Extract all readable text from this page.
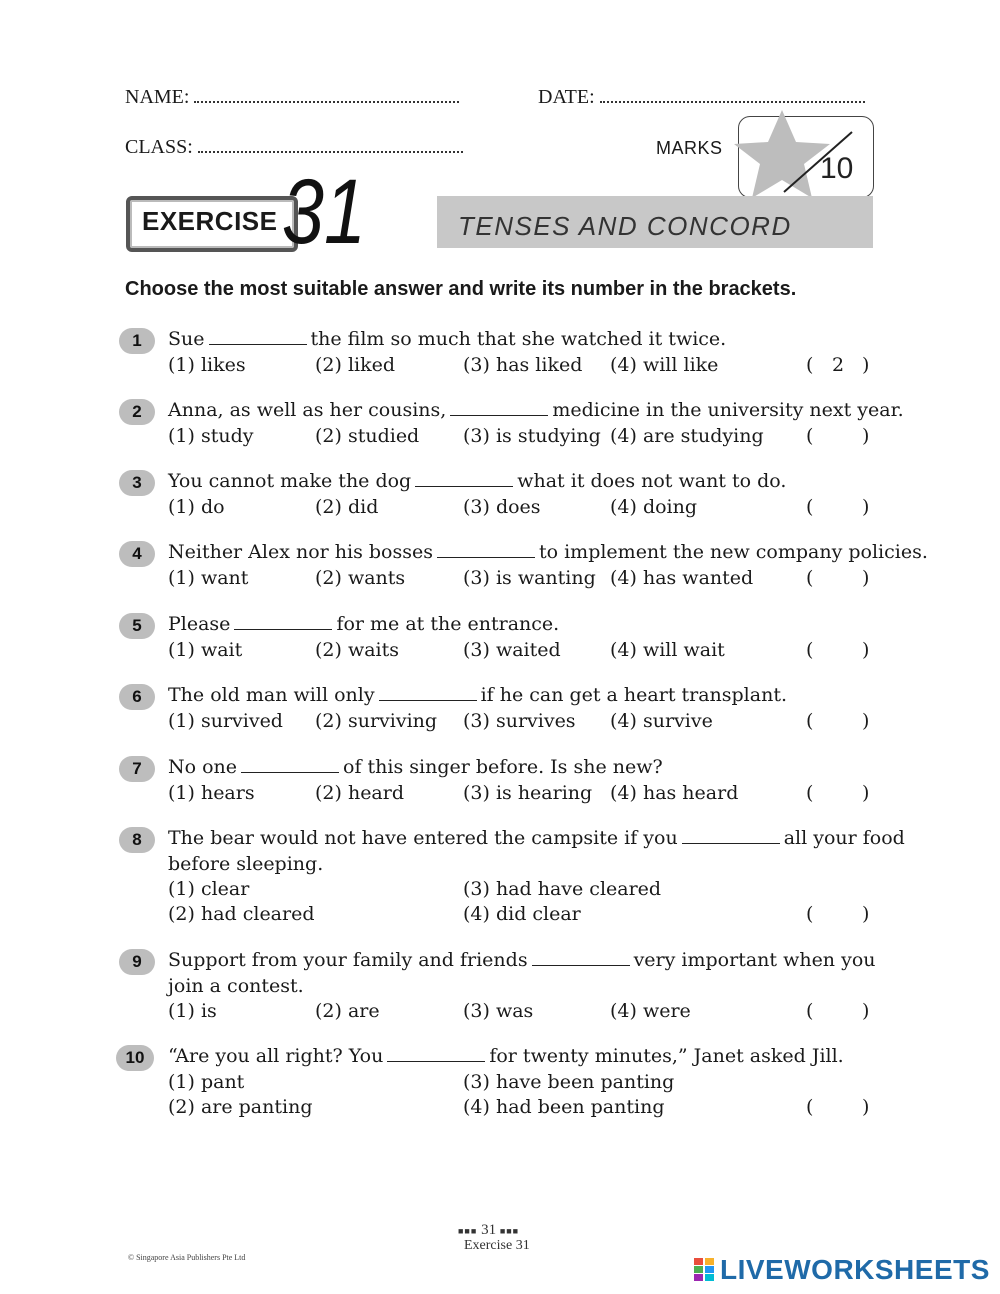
NAME:	DATE:
CLASS:	MARKS
10
EXERCISE 31	TENSES AND CONCORD
Choose the most suitable answer and write its number in the brackets.
1	Sue	the film so much that she watched it twice.
(1) likes	(2) liked	(3) has liked (4) will like	( 2 )
2	Anna, as well as her cousins,	medicine in the university next year.
(1) study	(2) studied (3) is studying (4) are studying (	)
3	You cannot make the dog	what it does not want to do.
(1) do	(2) did	(3) does	(4) doing	(	)
4	Neither Alex nor his bosses	to implement the new company policies.
(1) want	(2) wants	(3) is wanting (4) has wanted	(	)
5	Please	for me at the entrance.
(1) wait	(2) waits	(3) waited	(4) will wait	(	)
6	The old man will only	if he can get a heart transplant.
(1) survived (2) surviving (3) survives (4) survive	(	)
7	No one	of this singer before. Is she new?
(1) hears	(2) heard	(3) is hearing (4) has heard	(	)
8	The bear would not have entered the campsite if you	all your food
before sleeping.
(1) clear	(3) had have cleared
(2) had cleared	(4) did clear	(	)
9	Support from your family and friends	very important when you
join a contest.
(1) is	(2) are	(3) was	(4) were	(	)
10	“Are you all right? You	for twenty minutes,” Janet asked Jill.
(1) pant	(3) have been panting
(2) are panting	(4) had been panting	(	)
■■■ 31 ■■■
Exercise 31
© Singapore Asia Publishers Pte Ltd	LIVEWORKSHEETS
